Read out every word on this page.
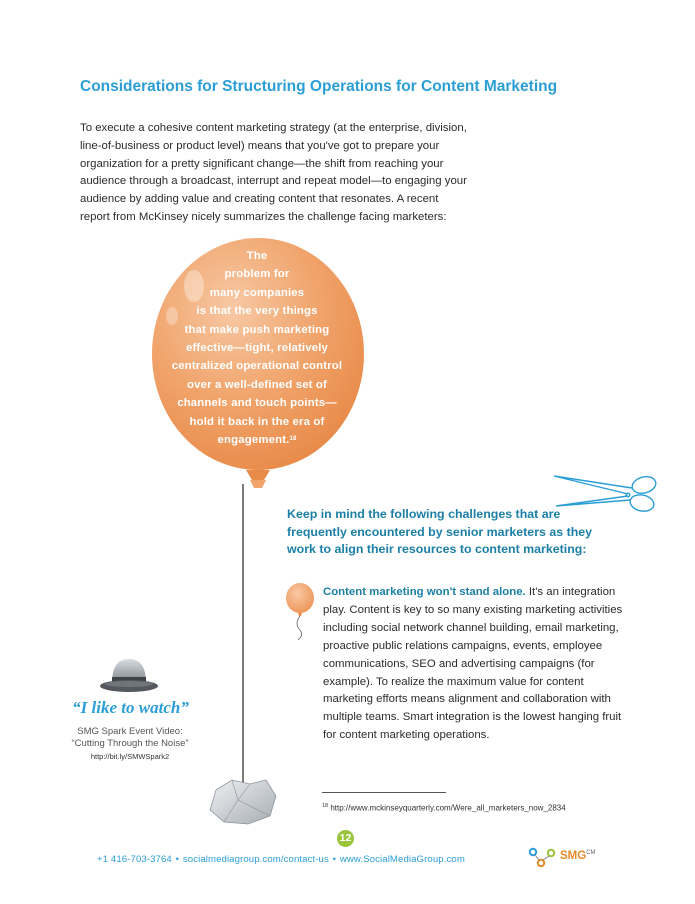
Considerations for Structuring Operations for Content Marketing
To execute a cohesive content marketing strategy (at the enterprise, division, line-of-business or product level) means that you've got to prepare your organization for a pretty significant change—the shift from reaching your audience through a broadcast, interrupt and repeat model—to engaging your audience by adding value and creating content that resonates. A recent report from McKinsey nicely summarizes the challenge facing marketers:
The
problem for
many companies
is that the very things
that make push marketing
effective—tight, relatively
centralized operational control
over a well-defined set of
channels and touch points—
hold it back in the era of
engagement.$^{18}$
“I like to watch”
SMG Spark Event Video:
“Cutting Through the Noise”
http://bit.ly/SMWSpark2
Keep in mind the following challenges that are
frequently encountered by senior marketers as they
work to align their resources to content marketing:
Content marketing won't stand alone. It's an integration play. Content is key to so many existing marketing activities including social network channel building, email marketing, proactive public relations campaigns, events, employee communications, SEO and advertising campaigns (for example). To realize the maximum value for content marketing efforts means alignment and collaboration with multiple teams. Smart integration is the lowest hanging fruit for content marketing operations.
$^{18}$ http://www.mckinseyquarterly.com/Were_all_marketers_now_2834
12
+1 416-703-3764 • socialmediagroup.com/contact-us • www.SocialMediaGroup.com	$SMG^{CM}$
